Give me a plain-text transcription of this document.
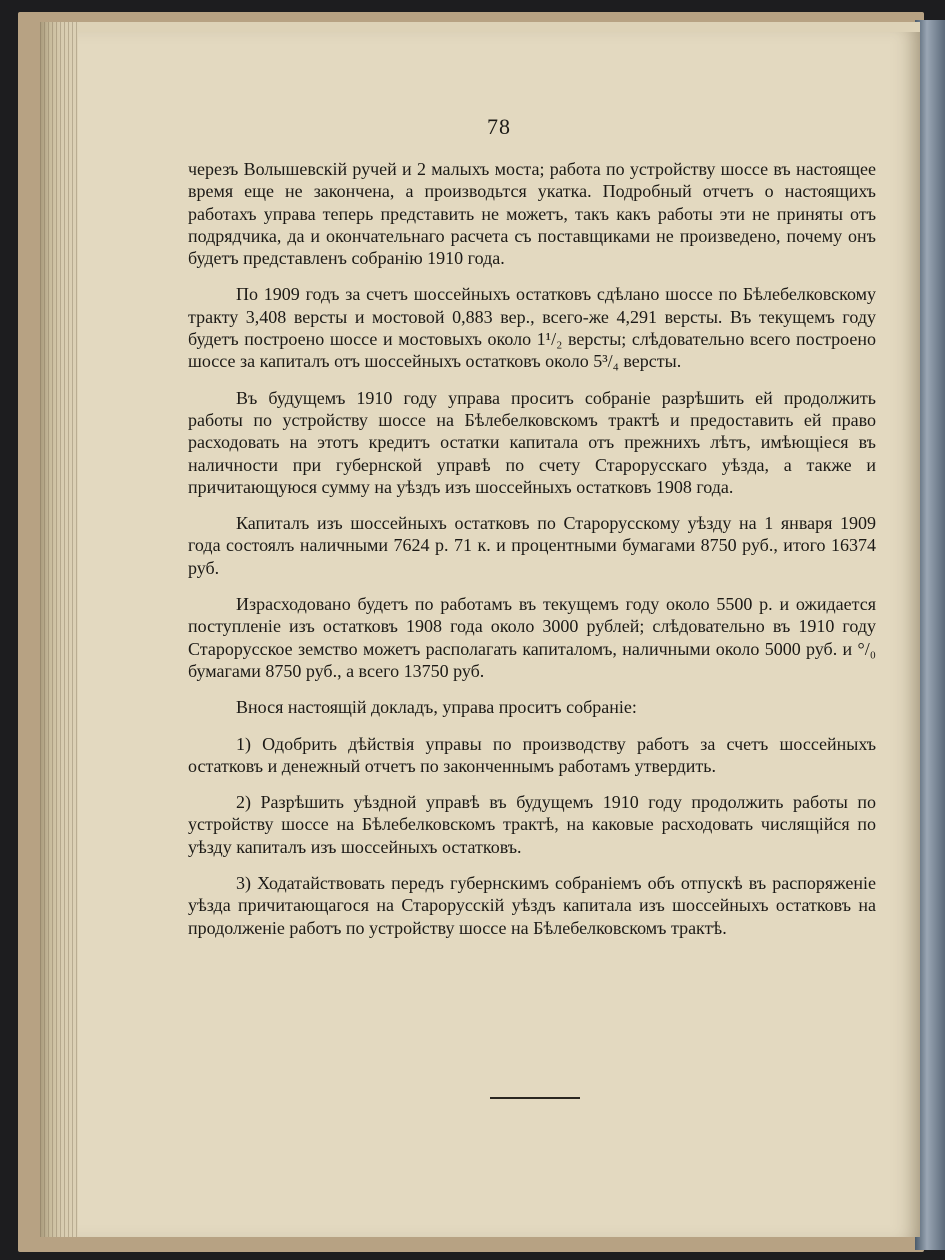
78

черезъ Волышевскій ручей и 2 малыхъ моста; работа по устройству шоссе въ настоящее время еще не закончена, а производьтся укатка. Подробный отчетъ о настоящихъ работахъ управа теперь представить не можетъ, такъ какъ работы эти не приняты отъ подрядчика, да и окончательнаго расчета съ поставщиками не произведено, почему онъ будетъ представленъ собранію 1910 года.

По 1909 годъ за счетъ шоссейныхъ остатковъ сдѣлано шоссе по Бѣлебелковскому тракту 3,408 версты и мостовой 0,883 вер., всего-же 4,291 версты. Въ текущемъ году будетъ построено шоссе и мостовыхъ около 1¹/₂ версты; слѣдовательно всего построено шоссе за капиталъ отъ шоссейныхъ остатковъ около 5³/₄ версты.

Въ будущемъ 1910 году управа проситъ собраніе разрѣшить ей продолжить работы по устройству шоссе на Бѣлебелковскомъ трактѣ и предоставить ей право расходовать на этотъ кредитъ остатки капитала отъ прежнихъ лѣтъ, имѣющіеся въ наличности при губернской управѣ по счету Старорусскаго уѣзда, а также и причитающуюся сумму на уѣздъ изъ шоссейныхъ остатковъ 1908 года.

Капиталъ изъ шоссейныхъ остатковъ по Старорусскому уѣзду на 1 января 1909 года состоялъ наличными 7624 р. 71 к. и процентными бумагами 8750 руб., итого 16374 руб.

Израсходовано будетъ по работамъ въ текущемъ году около 5500 р. и ожидается поступленіе изъ остатковъ 1908 года около 3000 рублей; слѣдовательно въ 1910 году Старорусское земство можетъ располагать капиталомъ, наличными около 5000 руб. и °/₀ бумагами 8750 руб., а всего 13750 руб.

Внося настоящій докладъ, управа проситъ собраніе:

1) Одобрить дѣйствія управы по производству работъ за счетъ шоссейныхъ остатковъ и денежный отчетъ по законченнымъ работамъ утвердить.

2) Разрѣшить уѣздной управѣ въ будущемъ 1910 году продолжить работы по устройству шоссе на Бѣлебелковскомъ трактѣ, на каковые расходовать числящійся по уѣзду капиталъ изъ шоссейныхъ остатковъ.

3) Ходатайствовать передъ губернскимъ собраніемъ объ отпускѣ въ распоряженіе уѣзда причитающагося на Старорусскій уѣздъ капитала изъ шоссейныхъ остатковъ на продолженіе работъ по устройству шоссе на Бѣлебелковскомъ трактѣ.
